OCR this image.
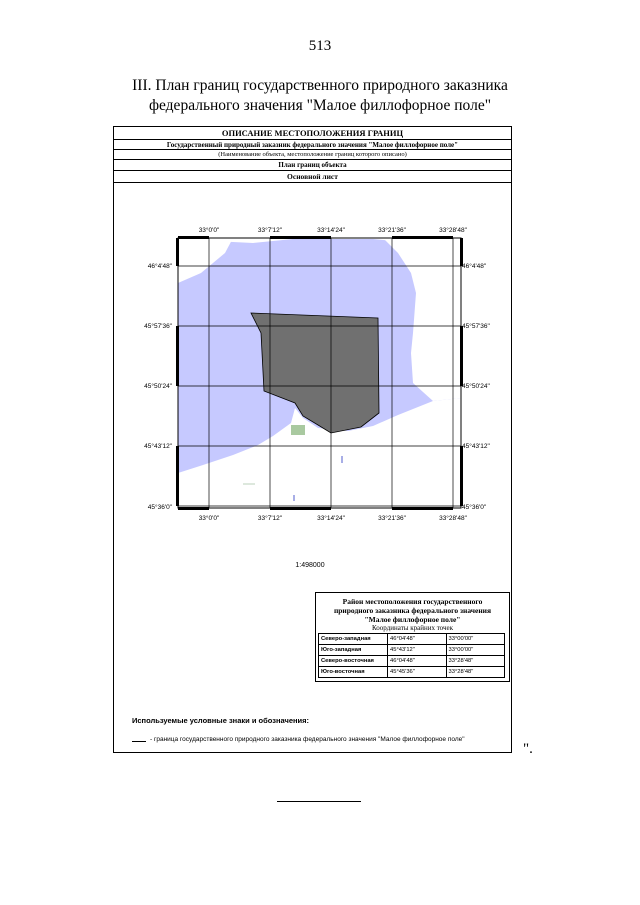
513
III. План границ государственного природного заказника
федерального значения "Малое филлофорное поле"
ОПИСАНИЕ МЕСТОПОЛОЖЕНИЯ ГРАНИЦ
Государственный природный заказник федерального значения "Малое филлофорное поле"
(Наименование объекта, местоположение границ которого описано)
План границ объекта
Основной лист
33°0'0"	33°7'12"	33°14'24"	33°21'36"	33°28'48"
33°0'0"	33°7'12"	33°14'24"	33°21'36"	33°28'48"
46°4'48"
45°57'36"
45°50'24"
45°43'12"
45°36'0"
46°4'48"
45°57'36"
45°50'24"
45°43'12"
45°36'0"
1:498000
Район местоположения государственного
природного заказника федерального значения
"Малое филлофорное поле"
Координаты крайних точек
Северо-западная	46°04'48"	33°00'00"
Юго-западная	45°43'12"	33°00'00"
Северо-восточная	46°04'48"	33°28'48"
Юго-восточная	45°45'36"	33°28'48"
Используемые условные знаки и обозначения:
- граница государственного природного заказника федерального значения "Малое филлофорное поле"
".
